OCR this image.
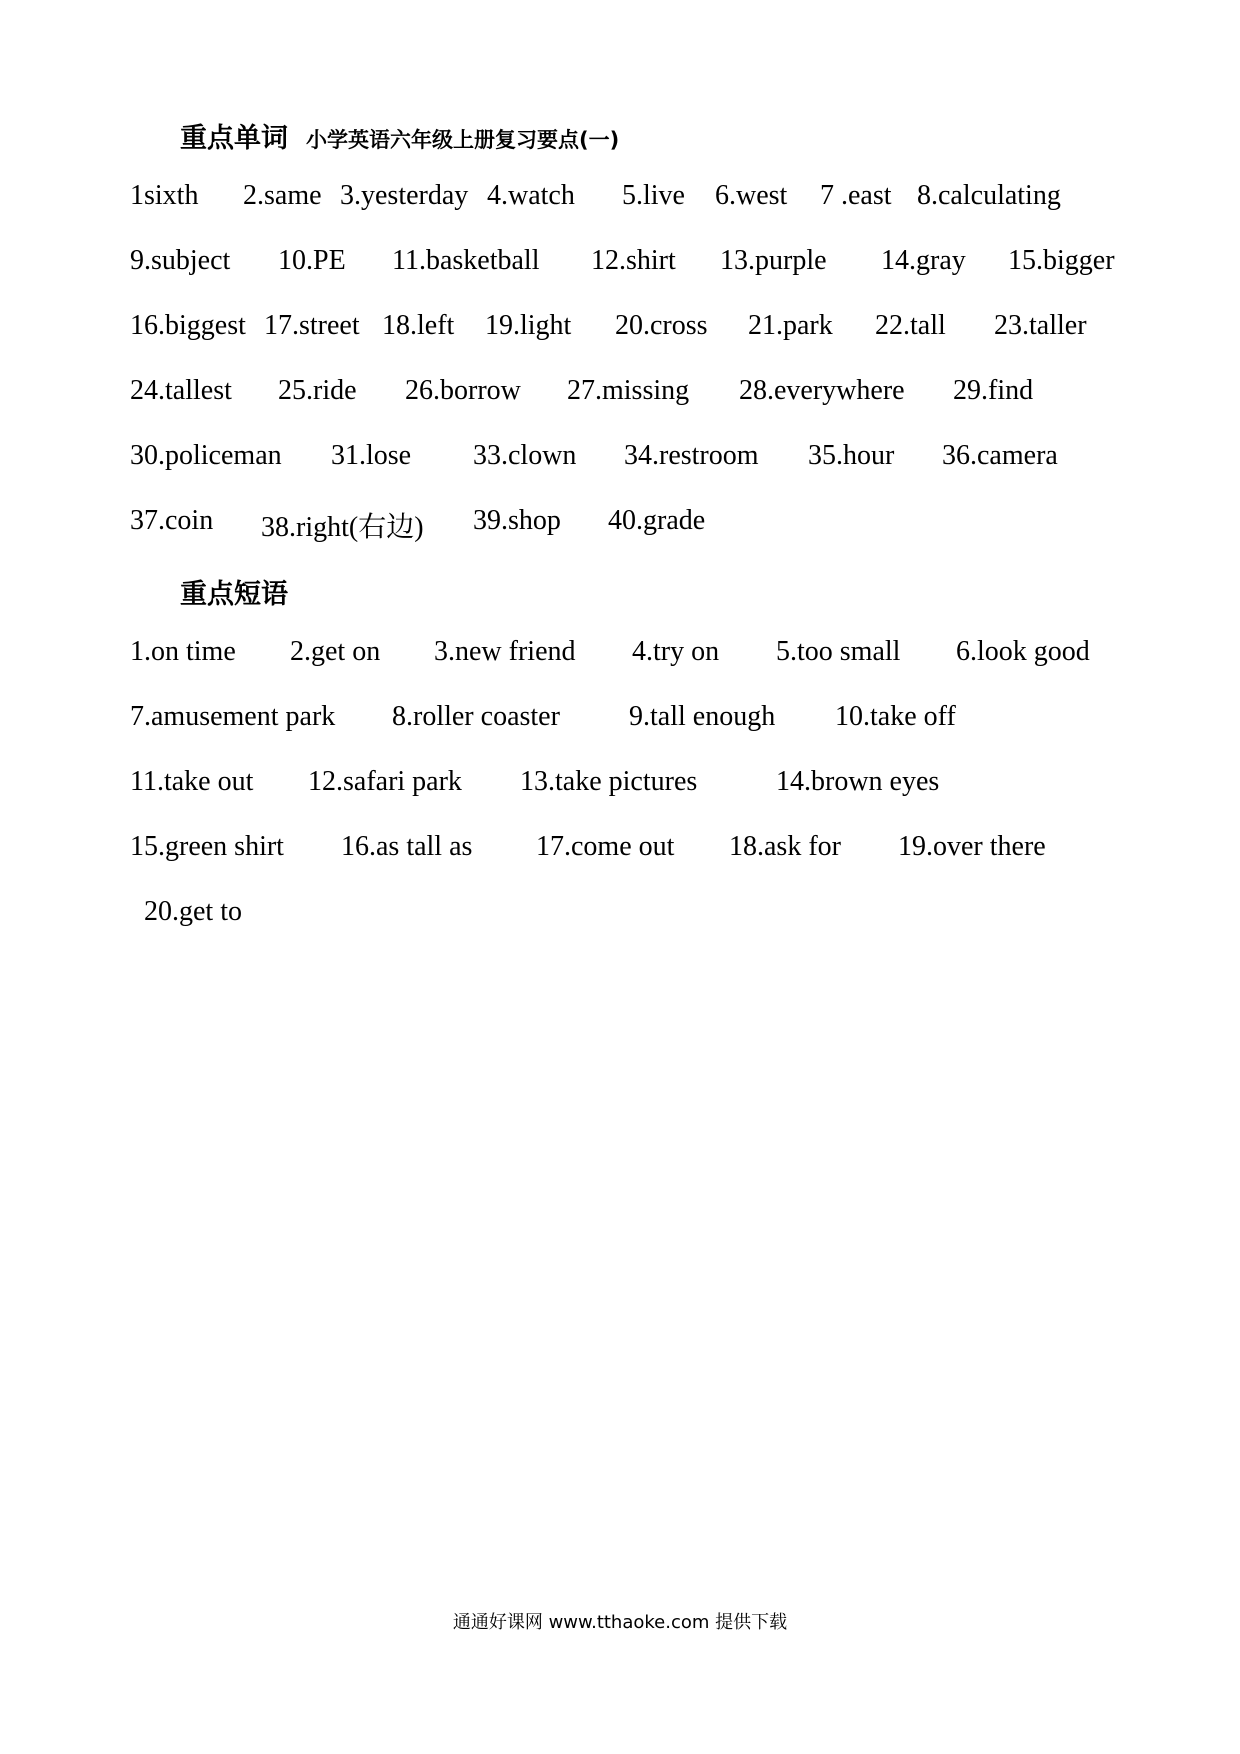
重点单词 小学英语六年级上册复习要点(一)
1sixth 2.same 3.yesterday 4.watch 5.live 6.west 7 .east 8.calculating
9.subject 10.PE 11.basketball 12.shirt 13.purple 14.gray 15.bigger
16.biggest 17.street 18.left 19.light 20.cross 21.park 22.tall 23.taller
24.tallest 25.ride 26.borrow 27.missing 28.everywhere 29.find
30.policeman 31.lose 33.clown 34.restroom 35.hour 36.camera
37.coin 38.right(右边) 39.shop 40.grade
重点短语
1.on time 2.get on 3.new friend 4.try on 5.too small 6.look good
7.amusement park 8.roller coaster 9.tall enough 10.take off
11.take out 12.safari park 13.take pictures	14.brown eyes
15.green shirt 16.as tall as 17.come out 18.ask for 19.over there
20.get to
通通好课网 www.tthaoke.com 提供下载
